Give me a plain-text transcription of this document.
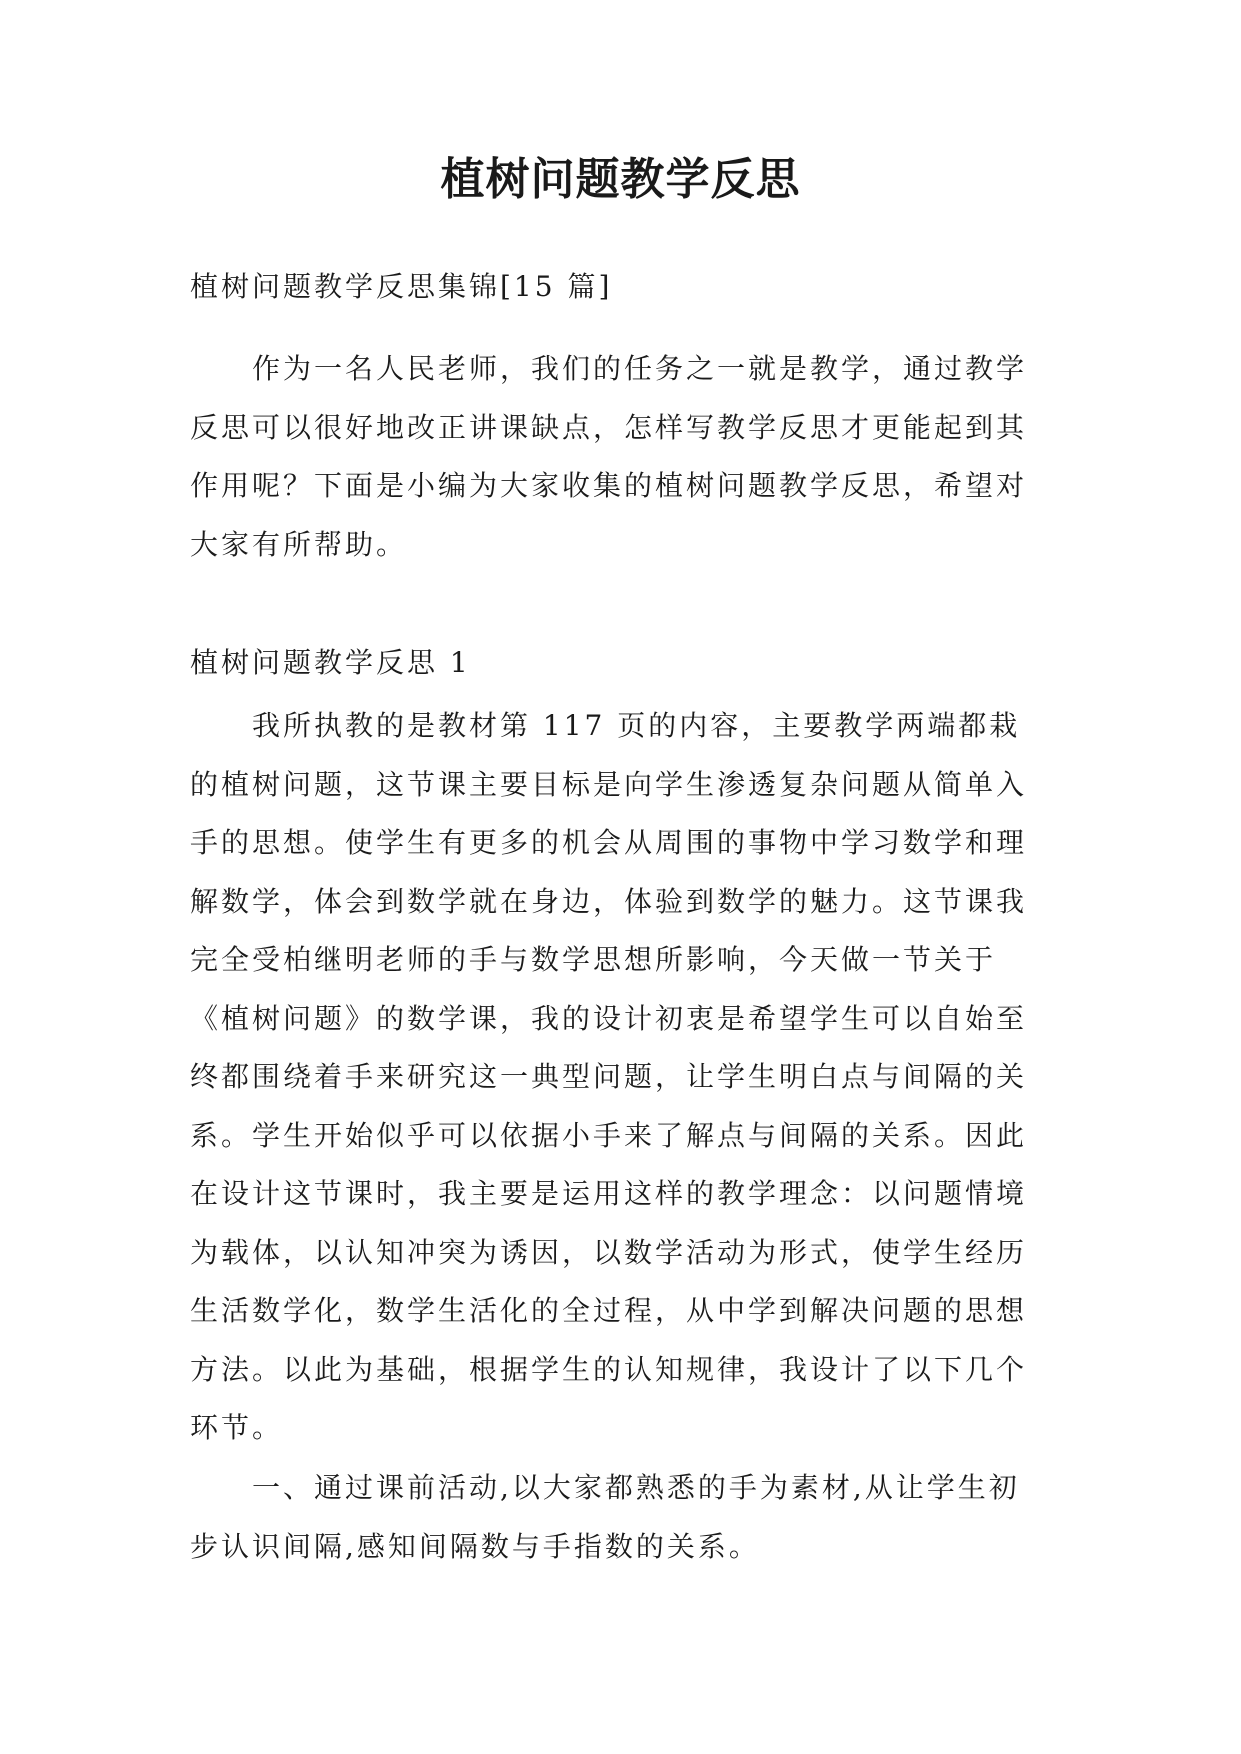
植树问题教学反思

植树问题教学反思集锦[15 篇]

作为一名人民老师，我们的任务之一就是教学，通过教学反思可以很好地改正讲课缺点，怎样写教学反思才更能起到其作用呢？下面是小编为大家收集的植树问题教学反思，希望对大家有所帮助。

植树问题教学反思 1

我所执教的是教材第 117 页的内容，主要教学两端都栽的植树问题，这节课主要目标是向学生渗透复杂问题从简单入手的思想。使学生有更多的机会从周围的事物中学习数学和理解数学，体会到数学就在身边，体验到数学的魅力。这节课我完全受柏继明老师的手与数学思想所影响，今天做一节关于《植树问题》的数学课，我的设计初衷是希望学生可以自始至终都围绕着手来研究这一典型问题，让学生明白点与间隔的关系。学生开始似乎可以依据小手来了解点与间隔的关系。因此在设计这节课时，我主要是运用这样的教学理念：以问题情境为载体，以认知冲突为诱因，以数学活动为形式，使学生经历生活数学化，数学生活化的全过程，从中学到解决问题的思想方法。以此为基础，根据学生的认知规律，我设计了以下几个环节。

一、通过课前活动,以大家都熟悉的手为素材,从让学生初步认识间隔,感知间隔数与手指数的关系。
